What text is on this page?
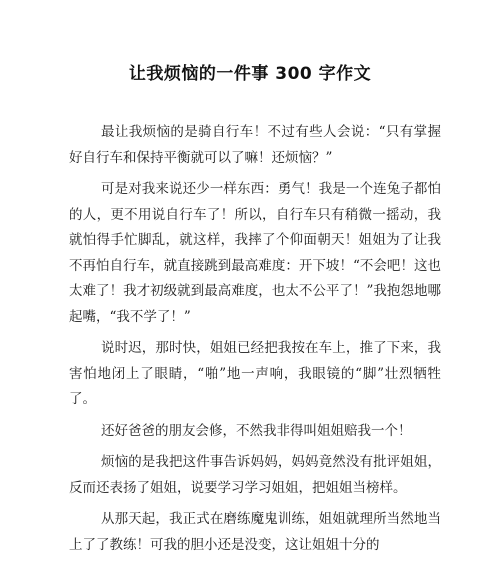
让我烦恼的一件事 300 字作文

最让我烦恼的是骑自行车！不过有些人会说：“只有掌握好自行车和保持平衡就可以了嘛！还烦恼？”

可是对我来说还少一样东西：勇气！我是一个连兔子都怕的人，更不用说自行车了！所以，自行车只有稍微一摇动，我就怕得手忙脚乱，就这样，我摔了个仰面朝天！姐姐为了让我不再怕自行车，就直接跳到最高难度：开下坡！“不会吧！这也太难了！我才初级就到最高难度，也太不公平了！”我抱怨地哪起嘴，“我不学了！”

说时迟，那时快，姐姐已经把我按在车上，推了下来，我害怕地闭上了眼睛，“啪”地一声响，我眼镜的“脚”壮烈牺牲了。

还好爸爸的朋友会修，不然我非得叫姐姐赔我一个！

烦恼的是我把这件事告诉妈妈，妈妈竟然没有批评姐姐，反而还表扬了姐姐，说要学习学习姐姐，把姐姐当榜样。

从那天起，我正式在磨练魔鬼训练，姐姐就理所当然地当上了了教练！可我的胆小还是没变，这让姐姐十分的
